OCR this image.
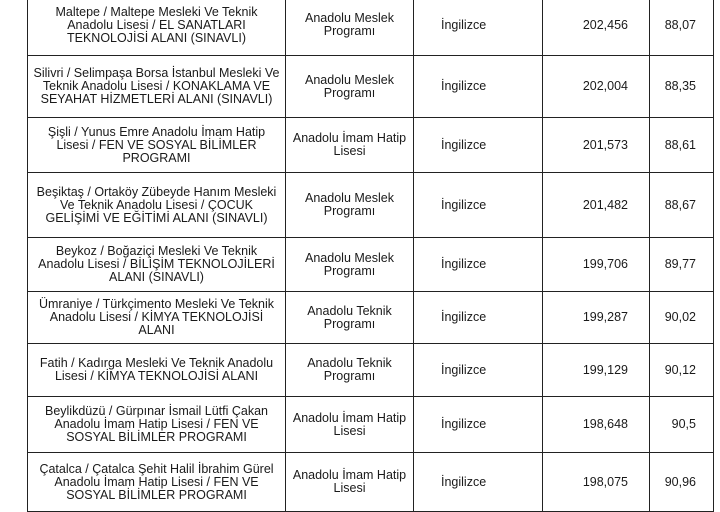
Maltepe / Maltepe Mesleki Ve Teknik Anadolu Lisesi / EL SANATLARI TEKNOLOJİSİ ALANI (SINAVLI)	Anadolu Meslek Programı	İngilizce	202,456	88,07
Silivri / Selimpaşa Borsa İstanbul Mesleki Ve Teknik Anadolu Lisesi / KONAKLAMA VE SEYAHAT HİZMETLERİ ALANI (SINAVLI)	Anadolu Meslek Programı	İngilizce	202,004	88,35
Şişli / Yunus Emre Anadolu İmam Hatip Lisesi / FEN VE SOSYAL BİLİMLER PROGRAMI	Anadolu İmam Hatip Lisesi	İngilizce	201,573	88,61
Beşiktaş / Ortaköy Zübeyde Hanım Mesleki Ve Teknik Anadolu Lisesi / ÇOCUK GELİŞİMİ VE EĞİTİMİ ALANI (SINAVLI)	Anadolu Meslek Programı	İngilizce	201,482	88,67
Beykoz / Boğaziçi Mesleki Ve Teknik Anadolu Lisesi / BİLİŞİM TEKNOLOJİLERİ ALANI (SINAVLI)	Anadolu Meslek Programı	İngilizce	199,706	89,77
Ümraniye / Türkçimento Mesleki Ve Teknik Anadolu Lisesi / KİMYA TEKNOLOJİSİ ALANI	Anadolu Teknik Programı	İngilizce	199,287	90,02
Fatih / Kadırga Mesleki Ve Teknik Anadolu Lisesi / KİMYA TEKNOLOJİSİ ALANI	Anadolu Teknik Programı	İngilizce	199,129	90,12
Beylikdüzü / Gürpınar İsmail Lütfi Çakan Anadolu İmam Hatip Lisesi / FEN VE SOSYAL BİLİMLER PROGRAMI	Anadolu İmam Hatip Lisesi	İngilizce	198,648	90,5
Çatalca / Çatalca Şehit Halil İbrahim Gürel Anadolu İmam Hatip Lisesi / FEN VE SOSYAL BİLİMLER PROGRAMI	Anadolu İmam Hatip Lisesi	İngilizce	198,075	90,96
